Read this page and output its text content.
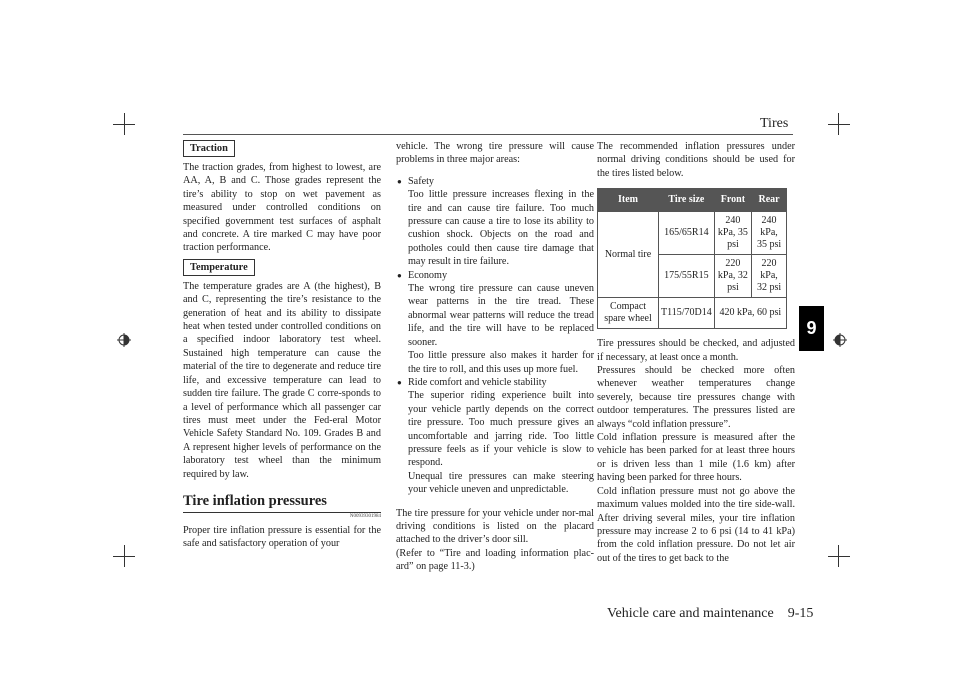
Tires
9
Traction

The traction grades, from highest to lowest, are AA, A, B and C. Those grades represent the tire’s ability to stop on wet pavement as measured under controlled conditions on specified government test surfaces of asphalt and concrete. A tire marked C may have poor traction performance.

Temperature

The temperature grades are A (the highest), B and C, representing the tire’s resistance to the generation of heat and its ability to dissipate heat when tested under controlled conditions on a specified indoor laboratory test wheel. Sustained high temperature can cause the material of the tire to degenerate and reduce tire life, and excessive temperature can lead to sudden tire failure. The grade C corre-sponds to a level of performance which all passenger car tires must meet under the Fed-eral Motor Vehicle Safety Standard No. 109. Grades B and A represent higher levels of performance on the laboratory test wheel than the minimum required by law.

Tire inflation pressures
N00939301984

Proper tire inflation pressure is essential for the safe and satisfactory operation of your

vehicle. The wrong tire pressure will cause problems in three major areas:

● Safety

Too little pressure increases flexing in the tire and can cause tire failure. Too much pressure can cause a tire to lose its ability to cushion shock. Objects on the road and potholes could then cause tire damage that may result in tire failure.

● Economy

The wrong tire pressure can cause uneven wear patterns in the tire tread. These abnormal wear patterns will reduce the tread life, and the tire will have to be replaced sooner.

Too little pressure also makes it harder for the tire to roll, and this uses up more fuel.

● Ride comfort and vehicle stability

The superior riding experience built into your vehicle partly depends on the correct tire pressure. Too much pressure gives an uncomfortable and jarring ride. Too little pressure feels as if your vehicle is slow to respond.

Unequal tire pressures can make steering your vehicle uneven and unpredictable.

The tire pressure for your vehicle under nor-mal driving conditions is listed on the placard attached to the driver’s door sill.

(Refer to “Tire and loading information plac-ard” on page 11-3.)

The recommended inflation pressures under normal driving conditions should be used for the tires listed below.

Item	Tire size	Front	Rear
Normal tire	165/65R14	240 kPa, 35 psi	240 kPa, 35 psi
	175/55R15	220 kPa, 32 psi	220 kPa, 32 psi
Compact spare wheel	T115/70D14	420 kPa, 60 psi	

Tire pressures should be checked, and adjusted if necessary, at least once a month.

Pressures should be checked more often whenever weather temperatures change severely, because tire pressures change with outdoor temperatures. The pressures listed are always “cold inflation pressure”.

Cold inflation pressure is measured after the vehicle has been parked for at least three hours or is driven less than 1 mile (1.6 km) after having been parked for three hours.

Cold inflation pressure must not go above the maximum values molded into the tire side-wall. After driving several miles, your tire inflation pressure may increase 2 to 6 psi (14 to 41 kPa) from the cold inflation pressure. Do not let air out of the tires to get back to the

Vehicle care and maintenance    9-15
